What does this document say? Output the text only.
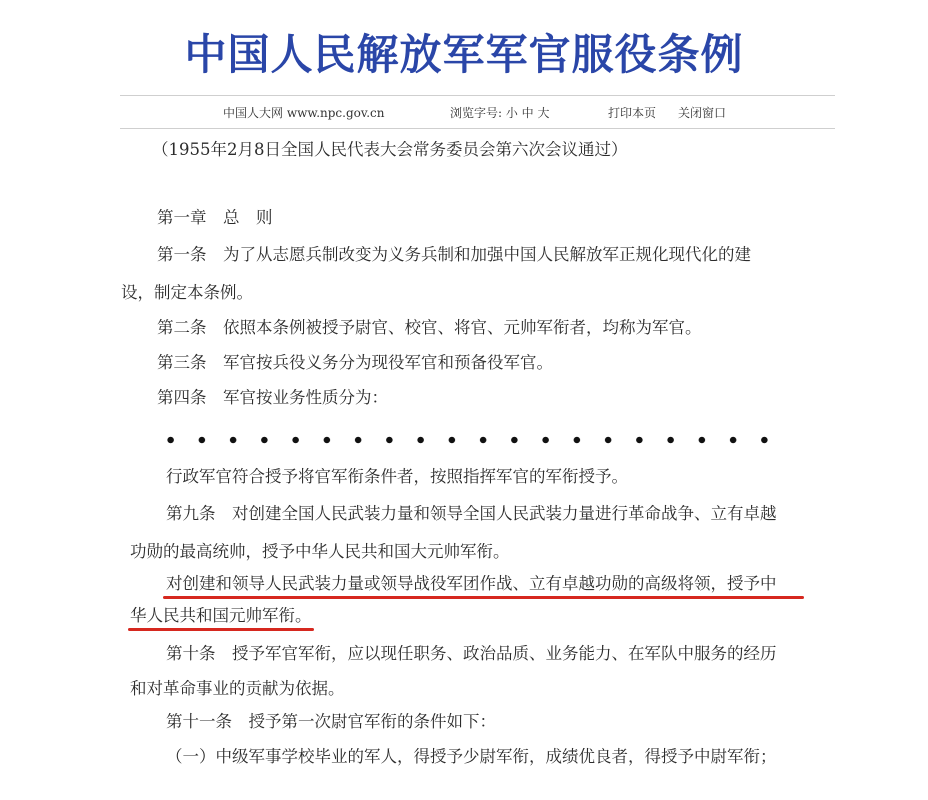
中国人民解放军军官服役条例
中国人大网 www.npc.gov.cn	浏览字号: 小 中 大	打印本页 关闭窗口
（1955年2月8日全国人民代表大会常务委员会第六次会议通过）
第一章　总　则
第一条　为了从志愿兵制改变为义务兵制和加强中国人民解放军正规化现代化的建
设，制定本条例。
第二条　依照本条例被授予尉官、校官、将官、元帅军衔者，均称为军官。
第三条　军官按兵役义务分为现役军官和预备役军官。
第四条　军官按业务性质分为：
行政军官符合授予将官军衔条件者，按照指挥军官的军衔授予。
第九条　对创建全国人民武装力量和领导全国人民武装力量进行革命战争、立有卓越
功勋的最高统帅，授予中华人民共和国大元帅军衔。
对创建和领导人民武装力量或领导战役军团作战、立有卓越功勋的高级将领，授予中
华人民共和国元帅军衔。
第十条　授予军官军衔，应以现任职务、政治品质、业务能力、在军队中服务的经历
和对革命事业的贡献为依据。
第十一条　授予第一次尉官军衔的条件如下：
（一）中级军事学校毕业的军人，得授予少尉军衔，成绩优良者，得授予中尉军衔；
